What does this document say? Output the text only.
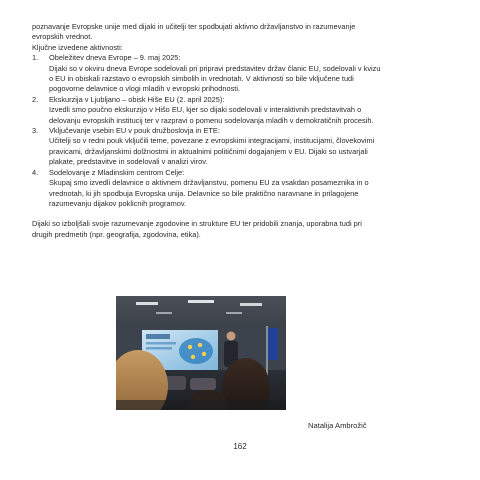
poznavanje Evropske unije med dijaki in učitelji ter spodbujati aktivno državljanstvo in razumevanje

evropskih vrednot.

Ključne izvedene aktivnosti:

1. Obeležitev dneva Evrope – 9. maj 2025:
Dijaki so v okviru dneva Evrope sodelovali pri pripravi predstavitev držav članic EU, sodelovali v kvizu
o EU in obiskali razstavo o evropskih simbolih in vrednotah. V aktivnosti so bile vključene tudi
pogovorne delavnice o vlogi mladih v evropski prihodnosti.
2. Ekskurzija v Ljubljano – obisk Hiše EU (2. april 2025):
Izvedli smo poučno ekskurzijo v Hišo EU, kjer so dijaki sodelovali v interaktivnih predstavitvah o
delovanju evropskih institucij ter v razpravi o pomenu sodelovanja mladih v demokratičnih procesih.
3. Vključevanje vsebin EU v pouk družboslovja in ETE:
Učitelji so v redni pouk vključili teme, povezane z evropskimi integracijami, institucijami, človekovimi
pravicami, državljanskimi dolžnostmi in aktualnimi političnimi dogajanjem v EU. Dijaki so ustvarjali
plakate, predstavitve in sodelovali v analizi virov.
4. Sodelovanje z Mladinskim centrom Celje:
Skupaj smo izvedli delavnice o aktivnem državljanstvu, pomenu EU za vsakdan posameznika in o
vrednotah, ki jih spodbuja Evropska unija. Delavnice so bile praktično naravnane in prilagojene
razumevanju dijakov poklicnih programov.

Dijaki so izboljšali svoje razumevanje zgodovine in strukture EU ter pridobili znanja, uporabna tudi pri

drugih predmetih (npr. geografija, zgodovina, etika).

Natalija Ambrožič
162
